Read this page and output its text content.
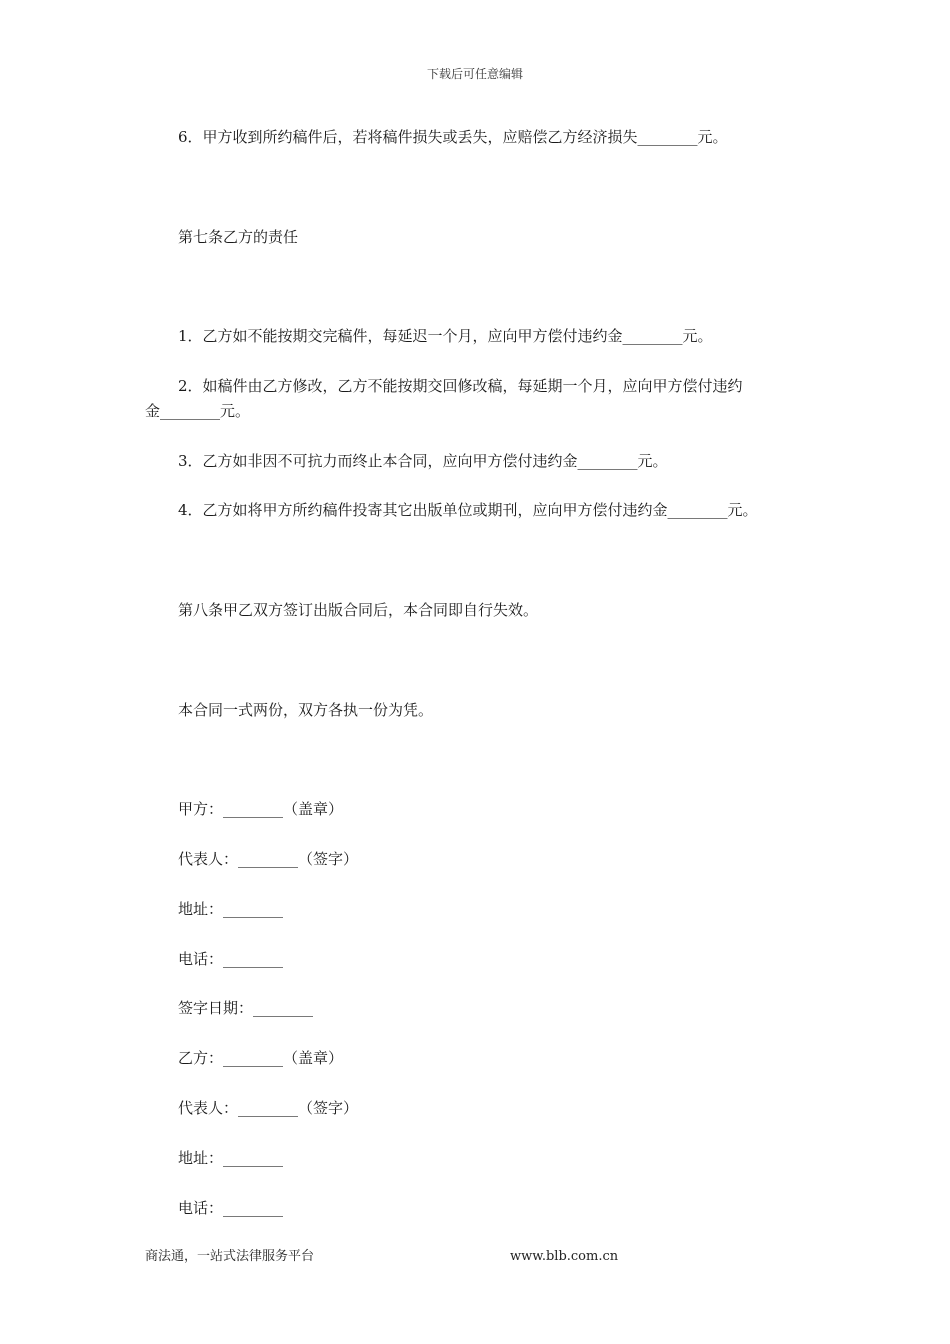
下载后可任意编辑
6．甲方收到所约稿件后，若将稿件损失或丢失，应赔偿乙方经济损失________元。
第七条乙方的责任
1．乙方如不能按期交完稿件，每延迟一个月，应向甲方偿付违约金________元。
2．如稿件由乙方修改，乙方不能按期交回修改稿，每延期一个月，应向甲方偿付违约
金________元。
3．乙方如非因不可抗力而终止本合同，应向甲方偿付违约金________元。
4．乙方如将甲方所约稿件投寄其它出版单位或期刊，应向甲方偿付违约金________元。
第八条甲乙双方签订出版合同后，本合同即自行失效。
本合同一式两份，双方各执一份为凭。
甲方：________（盖章）
代表人：________（签字）
地址：________
电话：________
签字日期：________
乙方：________（盖章）
代表人：________（签字）
地址：________
电话：________
商法通，一站式法律服务平台	www.blb.com.cn
